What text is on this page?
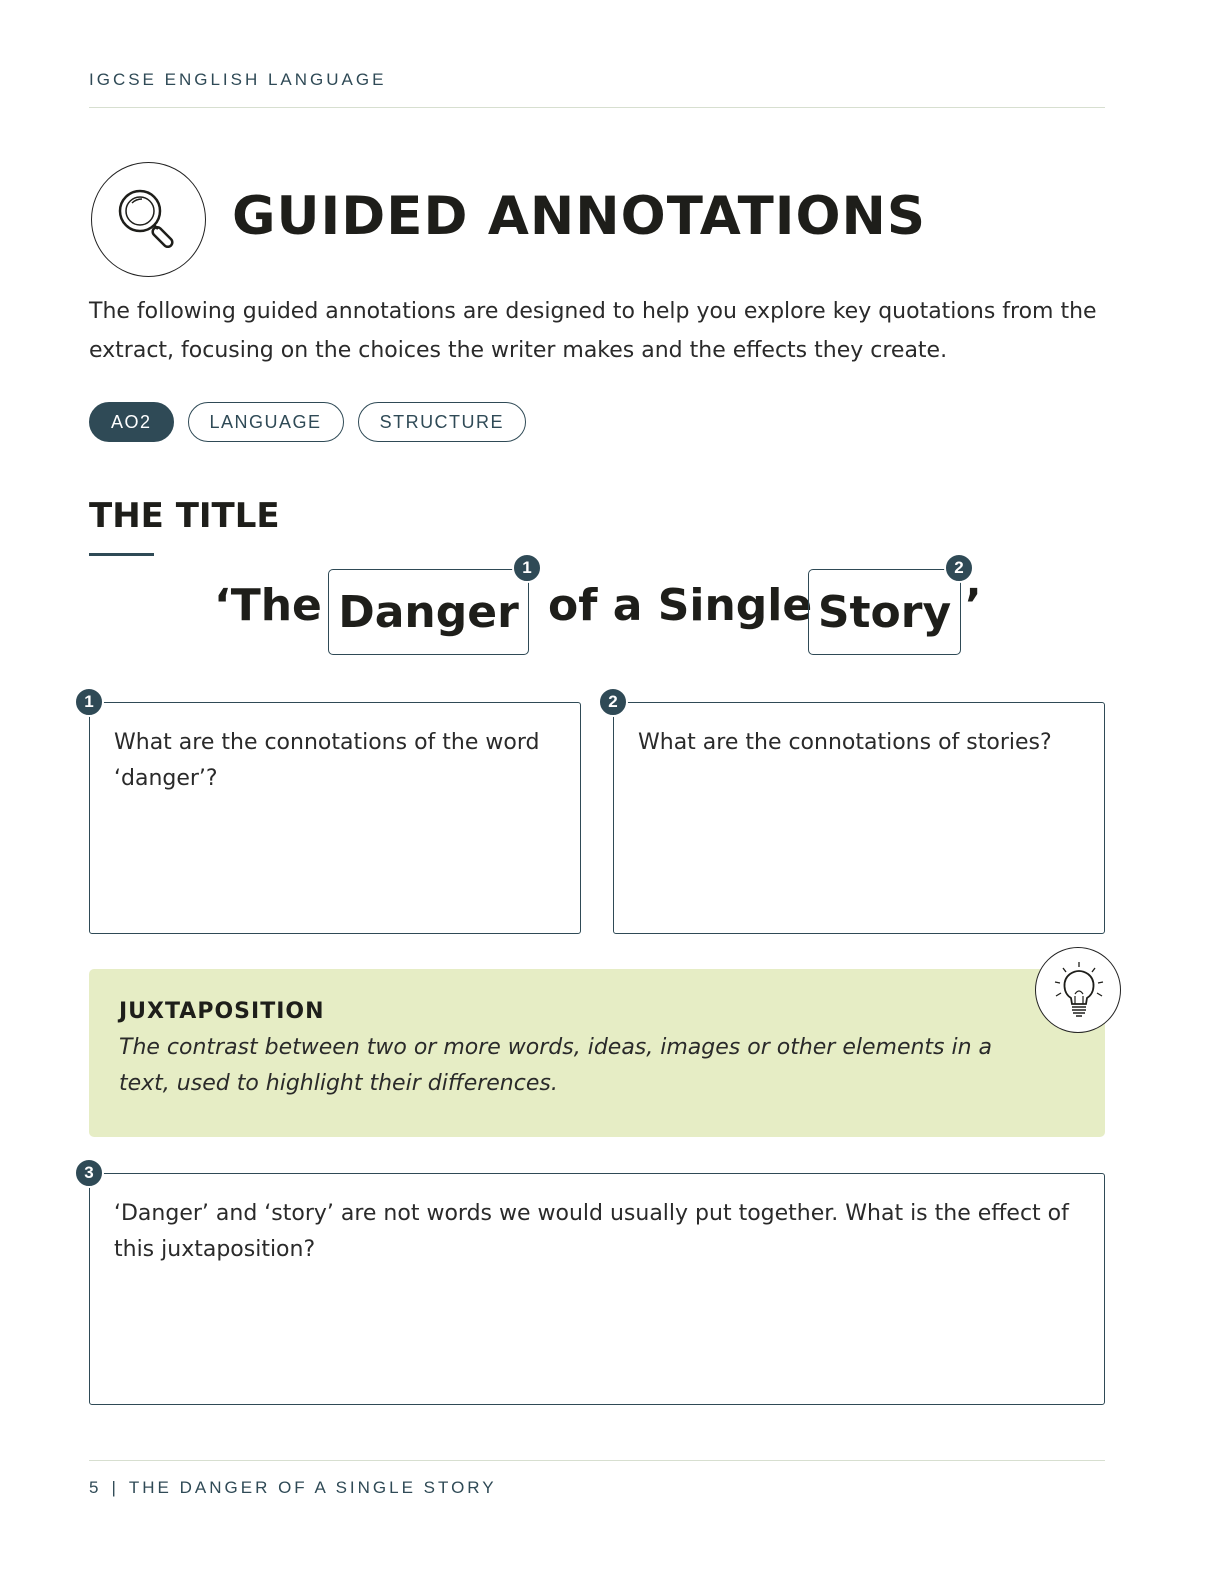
IGCSE ENGLISH LANGUAGE
GUIDED ANNOTATIONS
The following guided annotations are designed to help you explore key quotations from the extract, focusing on the choices the writer makes and the effects they create.
AO2	LANGUAGE	STRUCTURE
THE TITLE
‘The Danger
1
of a Single Story
2
’
What are the connotations of the word ‘danger’?
1
What are the connotations of stories?
2
JUXTAPOSITION
The contrast between two or more words, ideas, images or other elements in a text, used to highlight their differences.
‘Danger’ and ‘story’ are not words we would usually put together. What is the effect of this juxtaposition?
3
5 | THE DANGER OF A SINGLE STORY
